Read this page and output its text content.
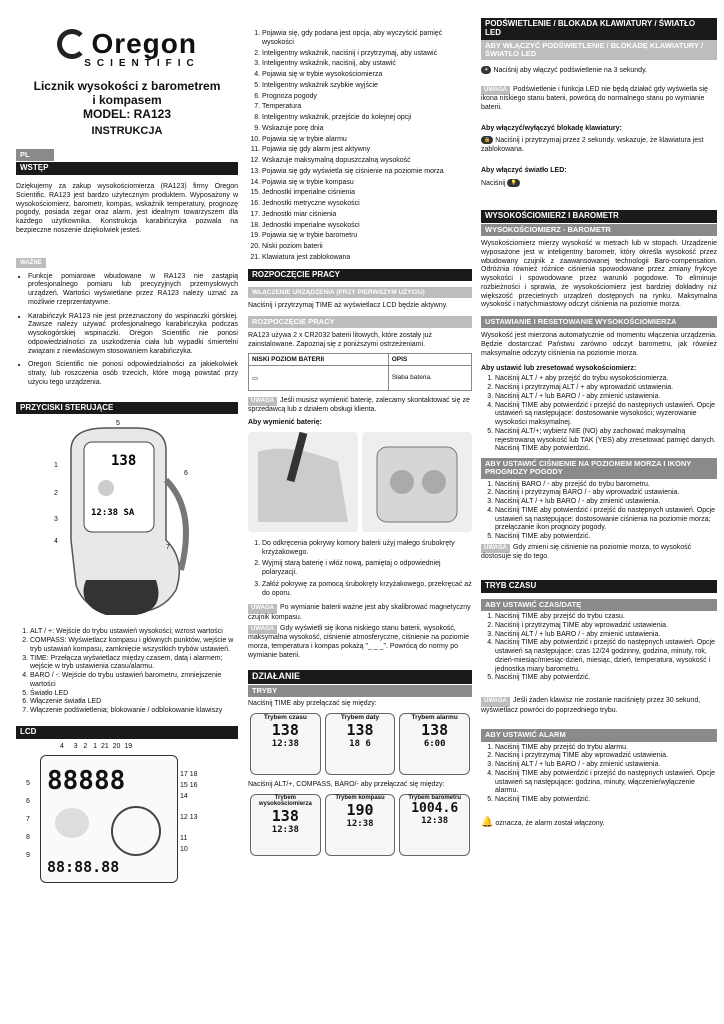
Oregon
SCIENTIFIC
Licznik wysokości z barometrem
i kompasem
MODEL: RA123
INSTRUKCJA
PL
WSTĘP

Dziękujemy za zakup wysokościomierza (RA123) firmy Oregon Scientific. RA123 jest bardzo użytecznym produktem. Wyposażony w wysokościomierz, barometr, kompas, wskaźnik temperatury, prognozę pogody, posiada zegar oraz alarm, jest idealnym towarzyszem dla każdego użytkownika. Konstrukcja karabińczyka pozwala na bezpieczne noszenie dziękolwiek jesteś.

WAŻNE
• Funkcje pomiarowe wbudowane w RA123 nie zastąpią profesjonalnego pomiaru lub precyzyjnych przemysłowych urządzeń. Wartości wyświetlane przez RA123 należy uznać za możliwie rzeprzentatywne.
• Karabińczyk RA123 nie jest przeznaczony do wspinaczki górskiej. Zawsze należy używać profesjonalnego karabińczyka podczas wysokogórskiej wspinaczki. Oregon Scientific nie ponosi odpowiedzialności za uszkodzenia ciała lub wypadki śmiertelni związani z niewłaściwym stosowaniem karabińczyka.
• Oregon Scientific nie ponosi odpowiedzialności za jakiekolwiek straty, lub roszczenia osób trzecich, które mogą powstać przy użyciu tego urządzenia.
PRZYCISKI STERUJĄCE
138
12:38 SA
1
2
3
4
5
6
7
1. ALT / +: Wejście do trybu ustawień wysokości; wzrost wartości
2. COMPASS: Wyświetlacz kompasu i głównych punktów, wejście w tryb ustawiań kompasu, zamknięcie wszystkich trybów ustawień.
3. TIME: Przełącza wyświetlacz między czasem, datą i alarmem; wejście w tryb ustawienia czasu/alarmu.
4. BARO / -: Wejście do trybu ustawień barometru, zmniejszenie wartości
5. Światło LED
6. Włączenie światła LED
7. Włączenie podświetlenia; blokowanie / odblokowanie klawiszy
LCD
4 3 2 1 21 20 19
88888
88:88.88
5
6
7
8
9
17 18
15 16
14
12 13
11
10
1. Pojawia się, gdy podana jest opcja, aby wyczyścić pamięć wysokości
2. Inteligentny wskaźnik, naciśnij i przytrzymaj, aby ustawić
3. Inteligentny wskaźnik, naciśnij, aby ustawić
4. Pojawia się w trybie wysokościomierza
5. Inteligentny wskaźnik szybkie wyjście
6. Prognoza pogody
7. Temperatura
8. Inteligentny wskaźnik, przejście do kolejnej opcji
9. Wskazuje porę dnia
10. Pojawia się w trybie alarmu
11. Pojawia się gdy alarm jest aktywny
12. Wskazuje maksymalną dopuszczalną wysokość
13. Pojawia się gdy wyświetla się ciśnienie na poziomie morza
14. Pojawia się w trybie kompasu
15. Jednostki imperialne ciśnienia
16. Jednostki metryczne wysokości
17. Jednostki miar ciśnienia
18. Jednostki imperialne wysokości
19. Pojawia się w trybie barometru
20. Niski poziom baterii
21. Klawiatura jest zablokowana
ROZPOCZĘCIE PRACY
WŁĄCZENIE URZĄDZENIA (PRZY PIERWSZYM UŻYCIU)

Naciśnij i przytrzymaj TIME aż wyświetlacz LCD będzie aktywny.

ROZPOCZĘCIE PRACY

RA123 używa 2 x CR2032 baterii litowych, które zostały już zainstalowane. Zapoznaj się z poniższymi ostrzeżeniami.

NISKI POZIOM BATERII	OPIS
▭	Słaba bateria.

UWAGA Jeśli musisz wymienić baterię, zalecamy skontaktować się ze sprzedawcą lub z działem obsługi klienta.

Aby wymienić baterię:

1. Do odkręcenia pokrywy komory baterii użyj małego śrubokręty krzyżakowego.
2. Wyjmij starą baterię i włóż nową, pamiętaj o odpowiedniej polaryzacji.
3. Załóż pokrywę za pomocą śrubokręty krzyżakowego, przekręcać aż do oporu.

UWAGA Po wymianie baterii ważne jest aby skalibrować magnetyczny czujnik kompasu.

UWAGA Gdy wyświetli się ikona niskiego stanu baterii, wysokość, maksymalna wysokość, ciśnienie atmosferyczne, ciśnienie na poziomie morza, temperatura i kompas pokażą "_ _ _". Powrócą do normy po wymianie baterii.

DZIAŁANIE
TRYBY

Naciśnij TIME aby przełączać się między:

Trybem czasu
138
12:38
Trybem daty
138
18 6
Trybem alarmu
138
6:00

Naciśnij ALT/+, COMPASS, BARO/- aby przełączać się między:

Trybem wysokościomierza
138
12:38
Trybem kompasu
190
12:38
Trybem barometru
1004.6
12:38
PODŚWIETLENIE / BLOKADA KLAWIATURY / ŚWIATŁO LED
ABY WŁĄCZYĆ PODŚWIETLENIE / BLOKADĘ KLAWIATURY / ŚWIATŁO LED

☀ Naciśnij aby włączyć podświetlenie na 3 sekundy.

UWAGA Podświetlenie i funkcja LED nie będą działać gdy wyświetla się ikona niskiego stanu baterii, powrócą do normalnego stanu po wymianie baterii.

Aby włączyć/wyłączyć blokadę klawiatury:

🔒 Naciśnij i przytrzymaj przez 2 sekundy. wskazuje, że klawiatura jest zablokowana.

Aby włączyć światło LED:

Naciśnij 💡

WYSOKOŚCIOMIERZ I BAROMETR
WYSOKOŚCIOMIERZ - BAROMETR

Wysokościomierz mierzy wysokość w metrach lub w stopach. Urządzenie wyposażone jest w inteligentny barometr, który określa wysokość przez wbudowany czujnik z zaawansowanej technologii Baro-compensation. Odróżnia również różnice ciśnienia spowodowane przez zmiany frykcye wysokości i spowodowane przez warunki pogodowe. To eliminuje rozbieżności i sprawia, że wysokościomierz jest bardziej dokładny niż większość przecietnych urządzeń dostępnych na rynku. Maksymalna wysokość i natychmiastowy odczyt ciśnienia na poziomie morza.

USTAWIANIE I RESETOWANIE WYSOKOŚCIOMIERZA

Wysokość jest mierzona automatycznie od momentu włączenia urządzenia. Będzie dostarczać Państwu zarówno odczyt barometru, jak również maksymalne odczyty ciśnienia na poziomie morza.

Aby ustawić lub zresetować wysokościomierz:

1. Naciśnij ALT / + aby przejść do trybu wysokościomierza.
2. Naciśnij i przytrzymaj ALT / + aby wprowadzić ustawienia.
3. Naciśnij ALT / + lub BARO / - aby zmienić ustawienia.
4. Naciśnij TIME aby potwierdzić i przejść do następnych ustawień. Opcje ustawień są następujące: dostosowanie wysokości; wyzerowanie wysokości maksymalnej.
5. Naciśnij ALT/+; wybierz NIE (NO) aby zachować maksymalną rejestrowaną wysokość lub TAK (YES) aby zresetować pamięć danych. Naciśnij TIME aby potwierdzić.
ABY USTAWIĆ CIŚNIENIE NA POZIOMEM MORZA I IKONY PROGNOZY POGODY
1. Naciśnij BARO / - aby przejść do trybu barometru.
2. Naciśnij i przytrzymaj BARO / - aby wprowadzić ustawienia.
3. Naciśnij ALT / + lub BARO / - aby zmienić ustawienia.
4. Naciśnij TIME aby potwierdzić i przejść do następnych ustawień. Opcje ustawień są następujące: dostosowanie ciśnienia na poziomie morza; przełączanie ikon prognozy pogody.
5. Naciśnij TIME aby potwierdzić.

UWAGA Gdy zmieni się ciśnienie na poziomie morza, to wysokość dostosuje się do tego.

TRYB CZASU
ABY USTAWIĆ CZAS/DATĘ
1. Naciśnij TIME aby przejść do trybu czasu.
2. Naciśnij i przytrzymaj TIME aby wprowadzić ustawienia.
3. Naciśnij ALT / + lub BARO / - aby zmienić ustawienia.
4. Naciśnij TIME aby potwierdzić i przejść do następnych ustawień. Opcje ustawień są następujące: czas 12/24 godzinny, godzina, minuty, rok, dzień-miesiąc/miesiąc-dzień, miesiąc, dzień, temperatura, wysokość i jednostka miary barometru.
5. Naciśnij TIME aby potwierdzić.

UWAGA Jeśli żaden klawisz nie zostanie naciśnięty przez 30 sekund, wyświetlacz powróci do poprzedniego trybu.

ABY USTAWIĆ ALARM
1. Naciśnij TIME aby przejść do trybu alarmu.
2. Naciśnij i przytrzymaj TIME aby wprowadzić ustawienia.
3. Naciśnij ALT / + lub BARO / - aby zmienić ustawienia.
4. Naciśnij TIME aby potwierdzić i przejść do następnych ustawień. Opcje ustawień są następujące: godzina, minuty, włączenie/wyłączenie alarmu.
5. Naciśnij TIME aby potwierdzić.

🔔 oznacza, że alarm został włączony.
